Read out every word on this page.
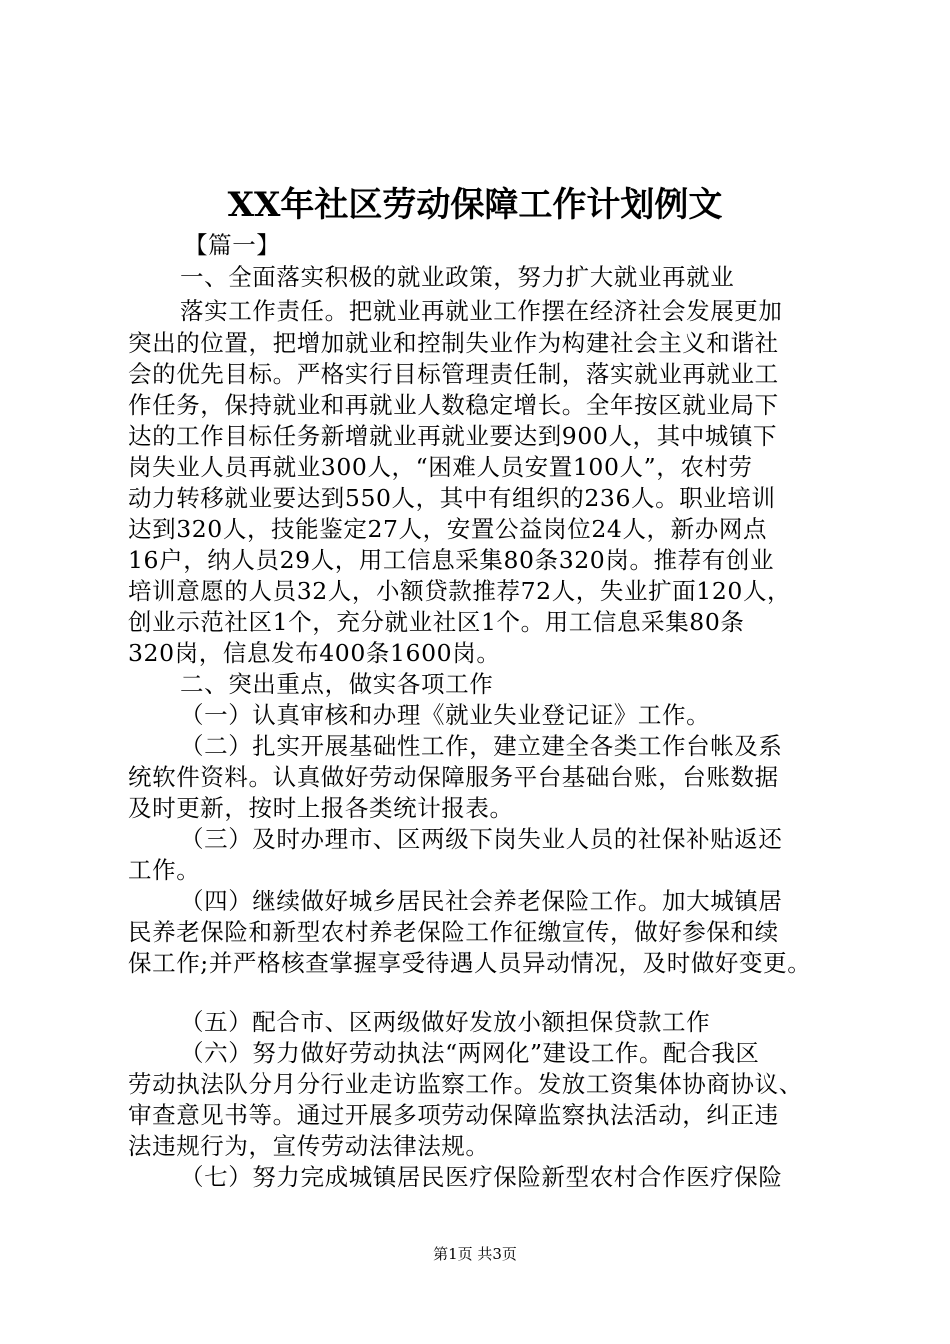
XX年社区劳动保障工作计划例文
【篇一】
一、全面落实积极的就业政策，努力扩大就业再就业
落实工作责任。把就业再就业工作摆在经济社会发展更加
突出的位置，把增加就业和控制失业作为构建社会主义和谐社
会的优先目标。严格实行目标管理责任制，落实就业再就业工
作任务，保持就业和再就业人数稳定增长。全年按区就业局下
达的工作目标任务新增就业再就业要达到900人，其中城镇下
岗失业人员再就业300人，“困难人员安置100人”，农村劳
动力转移就业要达到550人，其中有组织的236人。职业培训
达到320人，技能鉴定27人，安置公益岗位24人，新办网点
16户，纳人员29人，用工信息采集80条320岗。推荐有创业
培训意愿的人员32人，小额贷款推荐72人，失业扩面120人，
创业示范社区1个，充分就业社区1个。用工信息采集80条
320岗，信息发布400条1600岗。
二、突出重点，做实各项工作
（一）认真审核和办理《就业失业登记证》工作。
（二）扎实开展基础性工作，建立建全各类工作台帐及系
统软件资料。认真做好劳动保障服务平台基础台账，台账数据
及时更新，按时上报各类统计报表。
（三）及时办理市、区两级下岗失业人员的社保补贴返还
工作。
（四）继续做好城乡居民社会养老保险工作。加大城镇居
民养老保险和新型农村养老保险工作征缴宣传，做好参保和续
保工作;并严格核查掌握享受待遇人员异动情况，及时做好变更。
（五）配合市、区两级做好发放小额担保贷款工作
（六）努力做好劳动执法“两网化”建设工作。配合我区
劳动执法队分月分行业走访监察工作。发放工资集体协商协议、
审查意见书等。通过开展多项劳动保障监察执法活动，纠正违
法违规行为，宣传劳动法律法规。
（七）努力完成城镇居民医疗保险新型农村合作医疗保险
第1页 共3页
